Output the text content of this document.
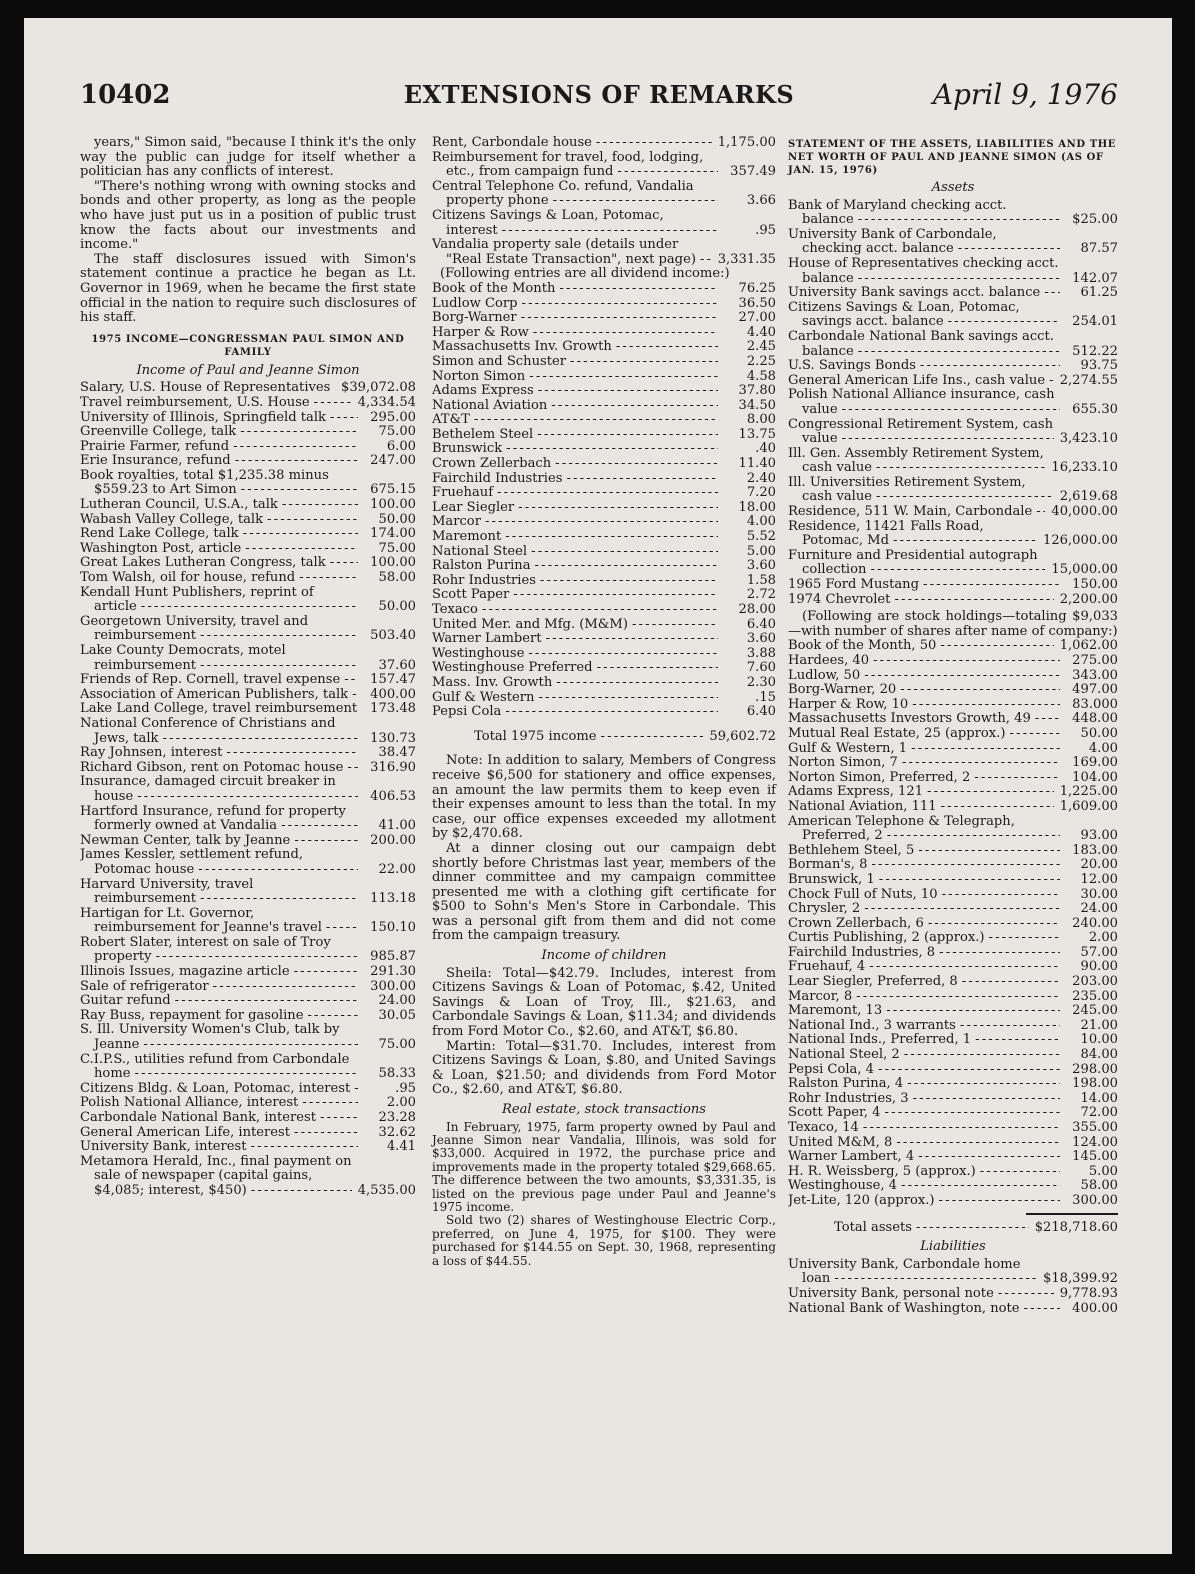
10402	EXTENSIONS OF REMARKS	April 9, 1976

years," Simon said, "because I think it's the only way the public can judge for itself whether a politician has any conflicts of interest.

"There's nothing wrong with owning stocks and bonds and other property, as long as the people who have just put us in a position of public trust know the facts about our investments and income."

The staff disclosures issued with Simon's statement continue a practice he began as Lt. Governor in 1969, when he became the first state official in the nation to require such disclosures of his staff.

1975 INCOME—CONGRESSMAN PAUL SIMON AND FAMILY
Income of Paul and Jeanne Simon
Salary, U.S. House of Representatives - - - $39,072.08
Travel reimbursement, U.S. House - - -	4,334.54
University of Illinois, Springfield talk - - -	295.00
Greenville College, talk - - -	75.00
Prairie Farmer, refund - - -	6.00
Erie Insurance, refund - - -	247.00
Book royalties, total $1,235.38 minus $559.23 to Art Simon - - -	675.15
Lutheran Council, U.S.A., talk - - -	100.00
Wabash Valley College, talk - - -	50.00
Rend Lake College, talk - - -	174.00
Washington Post, article - - -	75.00
Great Lakes Lutheran Congress, talk - - -	100.00
Tom Walsh, oil for house, refund - - -	58.00
Kendall Hunt Publishers, reprint of article - - -	50.00
Georgetown University, travel and reimbursement - - -	503.40
Lake County Democrats, motel reimbursement - - -	37.60
Friends of Rep. Cornell, travel expense - - -	157.47
Association of American Publishers, talk - - -	400.00
Lake Land College, travel reimbursement - - - 173.48
National Conference of Christians and Jews, talk - - -	130.73
Ray Johnsen, interest - - -	38.47
Richard Gibson, rent on Potomac house - - -	316.90
Insurance, damaged circuit breaker in house - - -	406.53
Hartford Insurance, refund for property formerly owned at Vandalia - - -	41.00
Newman Center, talk by Jeanne - - -	200.00
James Kessler, settlement refund, Potomac house - - -	22.00
Harvard University, travel reimbursement - - -	113.18
Hartigan for Lt. Governor, reimbursement for Jeanne's travel - - -	150.10
Robert Slater, interest on sale of Troy property - - -	985.87
Illinois Issues, magazine article - - -	291.30
Sale of refrigerator - - -	300.00
Guitar refund - - -	24.00
Ray Buss, repayment for gasoline - - -	30.05
S. Ill. University Women's Club, talk by Jeanne - - -	75.00
C.I.P.S., utilities refund from Carbondale home - - -	58.33
Citizens Bldg. & Loan, Potomac, interest - - -	.95
Polish National Alliance, interest - - -	2.00
Carbondale National Bank, interest - - -	23.28
General American Life, interest - - -	32.62
University Bank, interest - - -	4.41
Metamora Herald, Inc., final payment on sale of newspaper (capital gains, $4,085; interest, $450) - - -	4,535.00
Rent, Carbondale house - - -	1,175.00
Reimbursement for travel, food, lodging, etc., from campaign fund - - -	357.49
Central Telephone Co. refund, Vandalia property phone - - -	3.66
Citizens Savings & Loan, Potomac, interest - - -	.95
Vandalia property sale (details under "Real Estate Transaction", next page) - - -	3,331.35

(Following entries are all dividend income:)

Book of the Month - - -	76.25
Ludlow Corp - - -	36.50
Borg-Warner - - -	27.00
Harper & Row - - -	4.40
Massachusetts Inv. Growth - - -	2.45
Simon and Schuster - - -	2.25
Norton Simon - - -	4.58
Adams Express - - -	37.80
National Aviation - - -	34.50
AT&T - - -	8.00
Bethelem Steel - - -	13.75
Brunswick - - -	.40
Crown Zellerbach - - -	11.40
Fairchild Industries - - -	2.40
Fruehauf - - -	7.20
Lear Siegler - - -	18.00
Marcor - - -	4.00
Maremont - - -	5.52
National Steel - - -	5.00
Ralston Purina - - -	3.60
Rohr Industries - - -	1.58
Scott Paper - - -	2.72
Texaco - - -	28.00
United Mer. and Mfg. (M&M) - - -	6.40
Warner Lambert - - -	3.60
Westinghouse - - -	3.88
Westinghouse Preferred - - -	7.60
Mass. Inv. Growth - - -	2.30
Gulf & Western - - -	.15
Pepsi Cola - - -	6.40
Total 1975 income - - -	59,602.72

Note: In addition to salary, Members of Congress receive $6,500 for stationery and office expenses, an amount the law permits them to keep even if their expenses amount to less than the total. In my case, our office expenses exceeded my allotment by $2,470.68.

At a dinner closing out our campaign debt shortly before Christmas last year, members of the dinner committee and my campaign committee presented me with a clothing gift certificate for $500 to Sohn's Men's Store in Carbondale. This was a personal gift from them and did not come from the campaign treasury.

Income of children

Sheila: Total—$42.79. Includes, interest from Citizens Savings & Loan of Potomac, $.42, United Savings & Loan of Troy, Ill., $21.63, and Carbondale Savings & Loan, $11.34; and dividends from Ford Motor Co., $2.60, and AT&T, $6.80.

Martin: Total—$31.70. Includes, interest from Citizens Savings & Loan, $.80, and United Savings & Loan, $21.50; and dividends from Ford Motor Co., $2.60, and AT&T, $6.80.

Real estate, stock transactions

In February, 1975, farm property owned by Paul and Jeanne Simon near Vandalia, Illinois, was sold for $33,000. Acquired in 1972, the purchase price and improvements made in the property totaled $29,668.65. The difference between the two amounts, $3,331.35, is listed on the previous page under Paul and Jeanne's 1975 income.

Sold two (2) shares of Westinghouse Electric Corp., preferred, on June 4, 1975, for $100. They were purchased for $144.55 on Sept. 30, 1968, representing a loss of $44.55.

STATEMENT OF THE ASSETS, LIABILITIES AND THE NET WORTH OF PAUL AND JEANNE SIMON (AS OF JAN. 15, 1976)
Assets
Bank of Maryland checking acct. balance - - -	$25.00
University Bank of Carbondale, checking acct. balance - - -	87.57
House of Representatives checking acct. balance - - -	142.07
University Bank savings acct. balance - - -	61.25
Citizens Savings & Loan, Potomac, savings acct. balance - - -	254.01
Carbondale National Bank savings acct. balance - - -	512.22
U.S. Savings Bonds - - -	93.75
General American Life Ins., cash value - - -	2,274.55
Polish National Alliance insurance, cash value - - -	655.30
Congressional Retirement System, cash value - - -	3,423.10
Ill. Gen. Assembly Retirement System, cash value - - -	16,233.10
Ill. Universities Retirement System, cash value - - -	2,619.68
Residence, 511 W. Main, Carbondale - - -	40,000.00
Residence, 11421 Falls Road, Potomac, Md - - -	126,000.00
Furniture and Presidential autograph collection - - -	15,000.00
1965 Ford Mustang - - -	150.00
1974 Chevrolet - - -	2,200.00

(Following are stock holdings—totaling $9,033—with number of shares after name of company:)

Book of the Month, 50 - - -	1,062.00
Hardees, 40 - - -	275.00
Ludlow, 50 - - -	343.00
Borg-Warner, 20 - - -	497.00
Harper & Row, 10 - - -	83.000
Massachusetts Investors Growth, 49 - - -	448.00
Mutual Real Estate, 25 (approx.) - - -	50.00
Gulf & Western, 1 - - -	4.00
Norton Simon, 7 - - -	169.00
Norton Simon, Preferred, 2 - - -	104.00
Adams Express, 121 - - -	1,225.00
National Aviation, 111 - - -	1,609.00
American Telephone & Telegraph, Preferred, 2 - - -	93.00
Bethlehem Steel, 5 - - -	183.00
Borman's, 8 - - -	20.00
Brunswick, 1 - - -	12.00
Chock Full of Nuts, 10 - - -	30.00
Chrysler, 2 - - -	24.00
Crown Zellerbach, 6 - - -	240.00
Curtis Publishing, 2 (approx.) - - -	2.00
Fairchild Industries, 8 - - -	57.00
Fruehauf, 4 - - -	90.00
Lear Siegler, Preferred, 8 - - -	203.00
Marcor, 8 - - -	235.00
Maremont, 13 - - -	245.00
National Ind., 3 warrants - - -	21.00
National Inds., Preferred, 1 - - -	10.00
National Steel, 2 - - -	84.00
Pepsi Cola, 4 - - -	298.00
Ralston Purina, 4 - - -	198.00
Rohr Industries, 3 - - -	14.00
Scott Paper, 4 - - -	72.00
Texaco, 14 - - -	355.00
United M&M, 8 - - -	124.00
Warner Lambert, 4 - - -	145.00
H. R. Weissberg, 5 (approx.) - - -	5.00
Westinghouse, 4 - - -	58.00
Jet-Lite, 120 (approx.) - - -	300.00
Total assets - - -	$218,718.60
Liabilities
University Bank, Carbondale home loan - - -	$18,399.92
University Bank, personal note - - -	9,778.93
National Bank of Washington, note - - -	400.00
